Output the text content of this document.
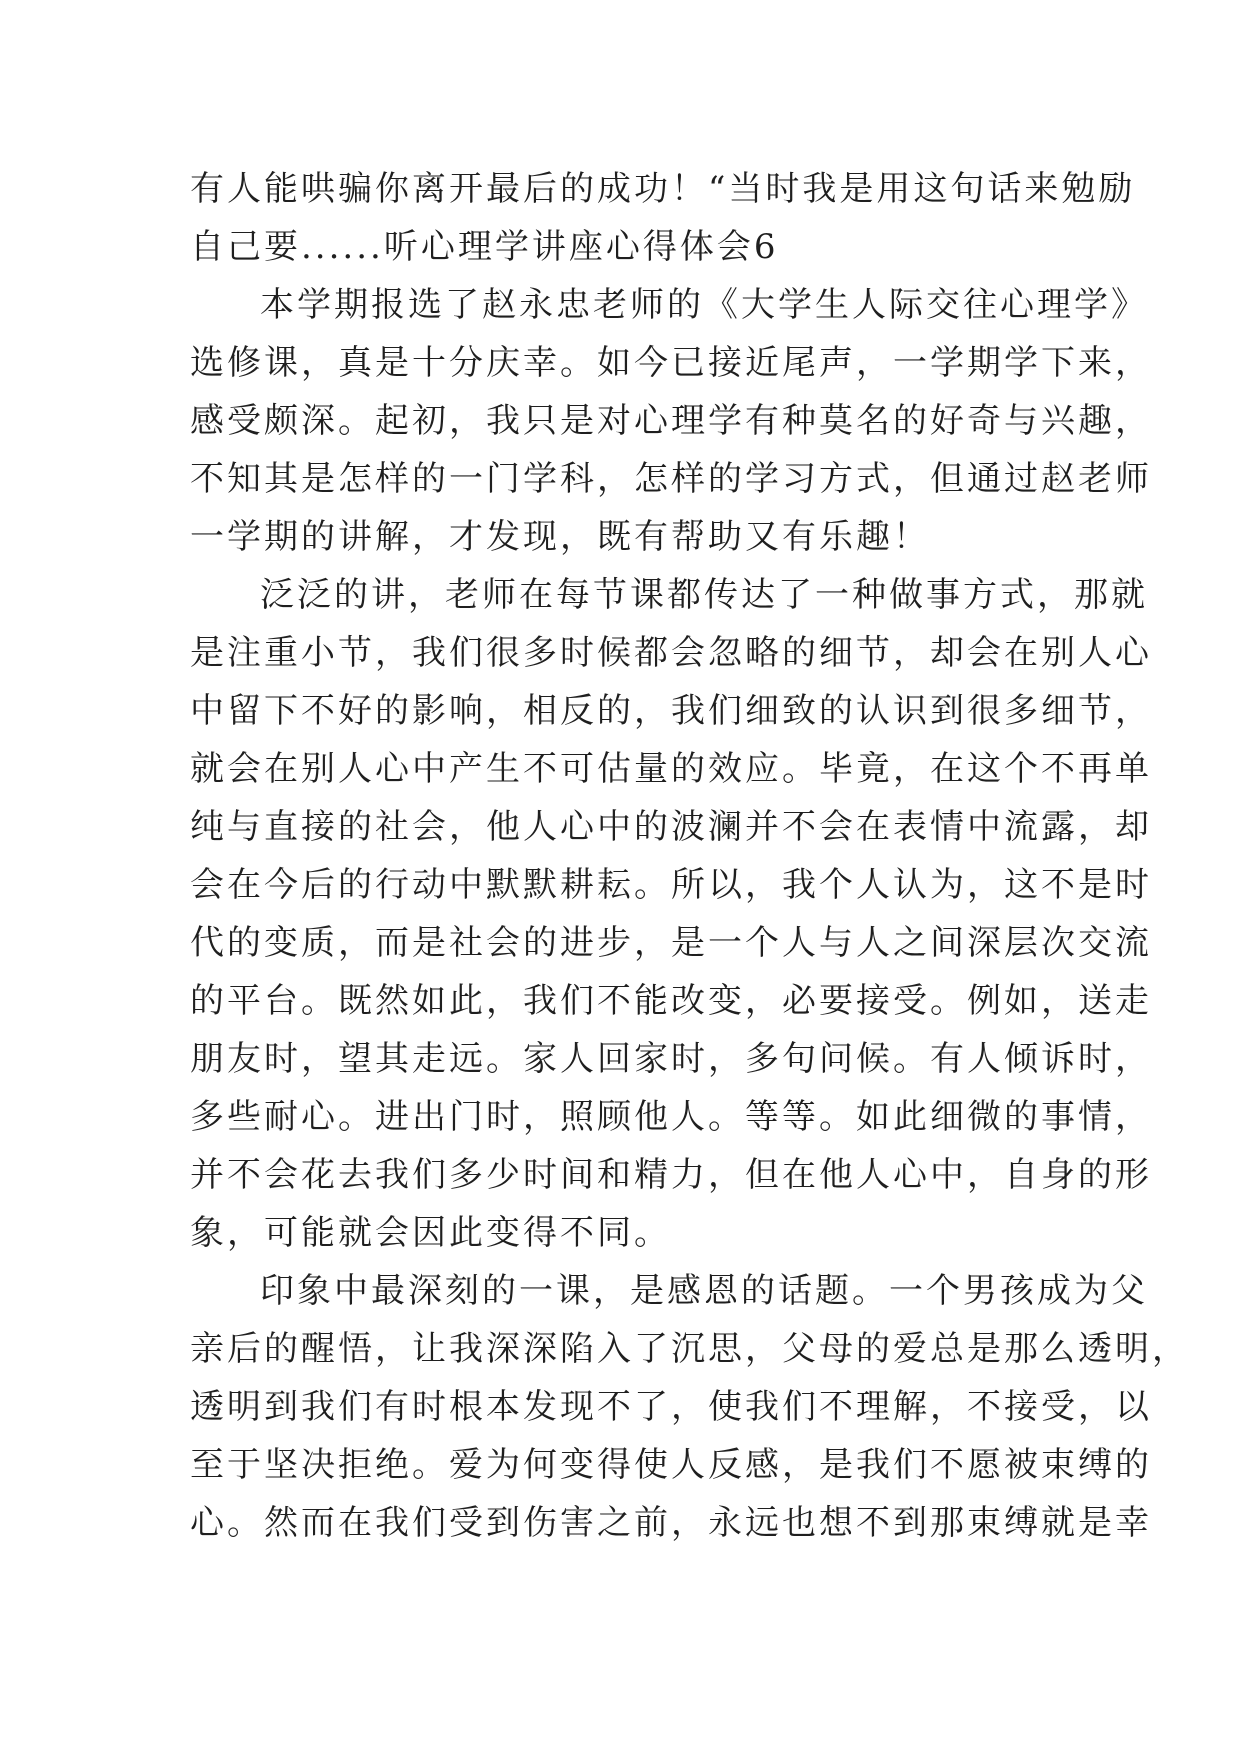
有人能哄骗你离开最后的成功！“当时我是用这句话来勉励
自己要......听心理学讲座心得体会6
本学期报选了赵永忠老师的《大学生人际交往心理学》
选修课，真是十分庆幸。如今已接近尾声，一学期学下来，
感受颇深。起初，我只是对心理学有种莫名的好奇与兴趣，
不知其是怎样的一门学科，怎样的学习方式，但通过赵老师
一学期的讲解，才发现，既有帮助又有乐趣！
泛泛的讲，老师在每节课都传达了一种做事方式，那就
是注重小节，我们很多时候都会忽略的细节，却会在别人心
中留下不好的影响，相反的，我们细致的认识到很多细节，
就会在别人心中产生不可估量的效应。毕竟，在这个不再单
纯与直接的社会，他人心中的波澜并不会在表情中流露，却
会在今后的行动中默默耕耘。所以，我个人认为，这不是时
代的变质，而是社会的进步，是一个人与人之间深层次交流
的平台。既然如此，我们不能改变，必要接受。例如，送走
朋友时，望其走远。家人回家时，多句问候。有人倾诉时，
多些耐心。进出门时，照顾他人。等等。如此细微的事情，
并不会花去我们多少时间和精力，但在他人心中，自身的形
象，可能就会因此变得不同。
印象中最深刻的一课，是感恩的话题。一个男孩成为父
亲后的醒悟，让我深深陷入了沉思，父母的爱总是那么透明，
透明到我们有时根本发现不了，使我们不理解，不接受，以
至于坚决拒绝。爱为何变得使人反感，是我们不愿被束缚的
心。然而在我们受到伤害之前，永远也想不到那束缚就是幸
